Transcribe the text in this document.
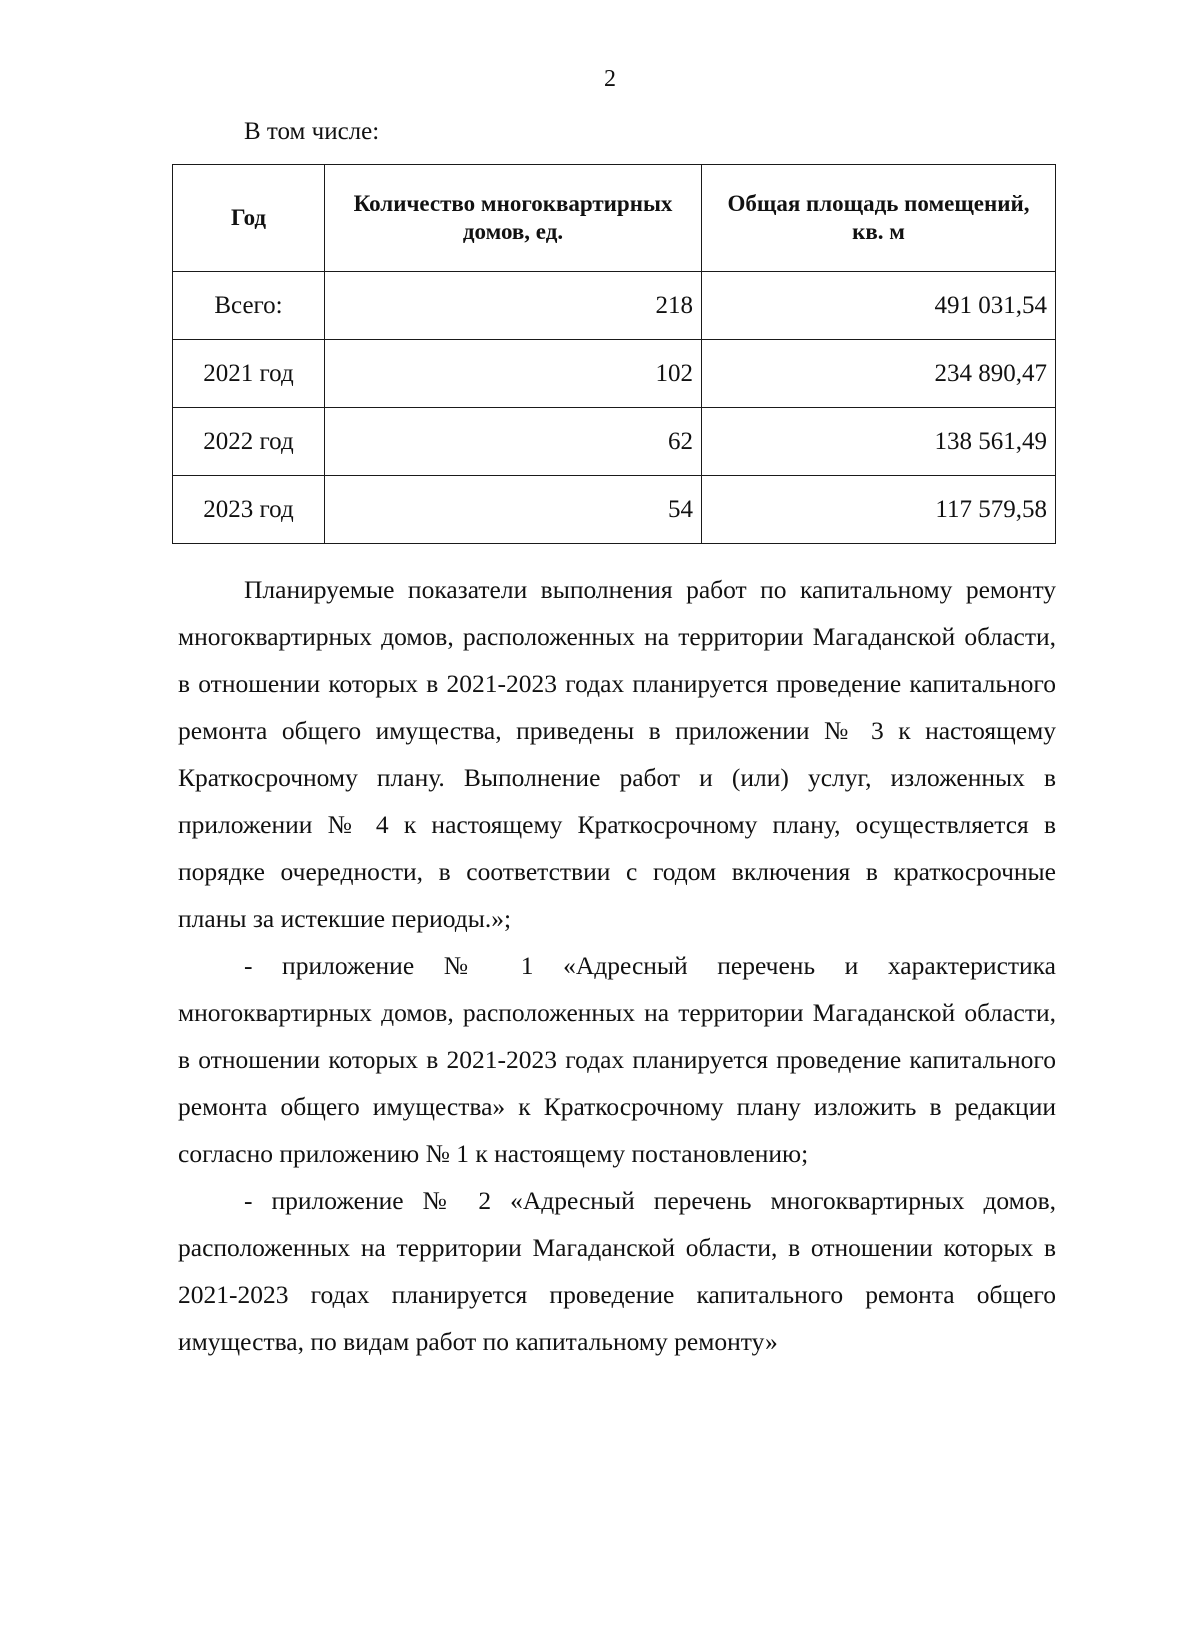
2
В том числе:
Год	Количество многоквартирных домов, ед.	Общая площадь помещений, кв. м
Всего:	218	491 031,54
2021 год	102	234 890,47
2022 год	62	138 561,49
2023 год	54	117 579,58

Планируемые показатели выполнения работ по капитальному ремонту многоквартирных домов, расположенных на территории Магаданской области, в отношении которых в 2021-2023 годах планируется проведение капитального ремонта общего имущества, приведены в приложении № 3 к настоящему Краткосрочному плану. Выполнение работ и (или) услуг, изложенных в приложении № 4 к настоящему Краткосрочному плану, осуществляется в порядке очередности, в соответствии с годом включения в краткосрочные планы за истекшие периоды.»;

- приложение № 1 «Адресный перечень и характеристика многоквартирных домов, расположенных на территории Магаданской области, в отношении которых в 2021-2023 годах планируется проведение капитального ремонта общего имущества» к Краткосрочному плану изложить в редакции согласно приложению № 1 к настоящему постановлению;

- приложение № 2 «Адресный перечень многоквартирных домов, расположенных на территории Магаданской области, в отношении которых в 2021-2023 годах планируется проведение капитального ремонта общего имущества, по видам работ по капитальному ремонту»
